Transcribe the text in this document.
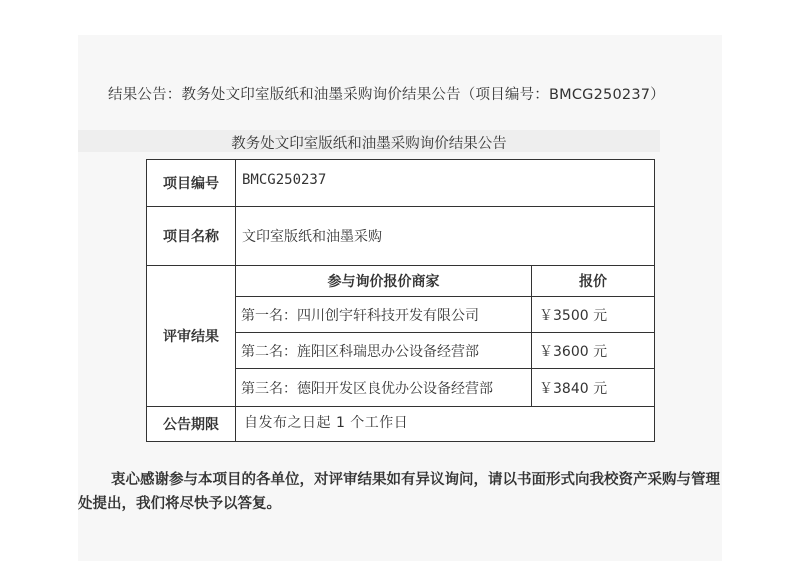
结果公告：教务处文印室版纸和油墨采购询价结果公告（项目编号：BMCG250237）
教务处文印室版纸和油墨采购询价结果公告
项目编号	BMCG250237	
项目名称	文印室版纸和油墨采购	
评审结果	参与询价报价商家	报价
	第一名：四川创宇轩科技开发有限公司	￥3500 元
	第二名：旌阳区科瑞思办公设备经营部	￥3600 元
	第三名：德阳开发区良优办公设备经营部	￥3840 元
公告期限	自发布之日起 1 个工作日	

衷心感谢参与本项目的各单位，对评审结果如有异议询问，请以书面形式向我校资产采购与管理处提出，我们将尽快予以答复。
